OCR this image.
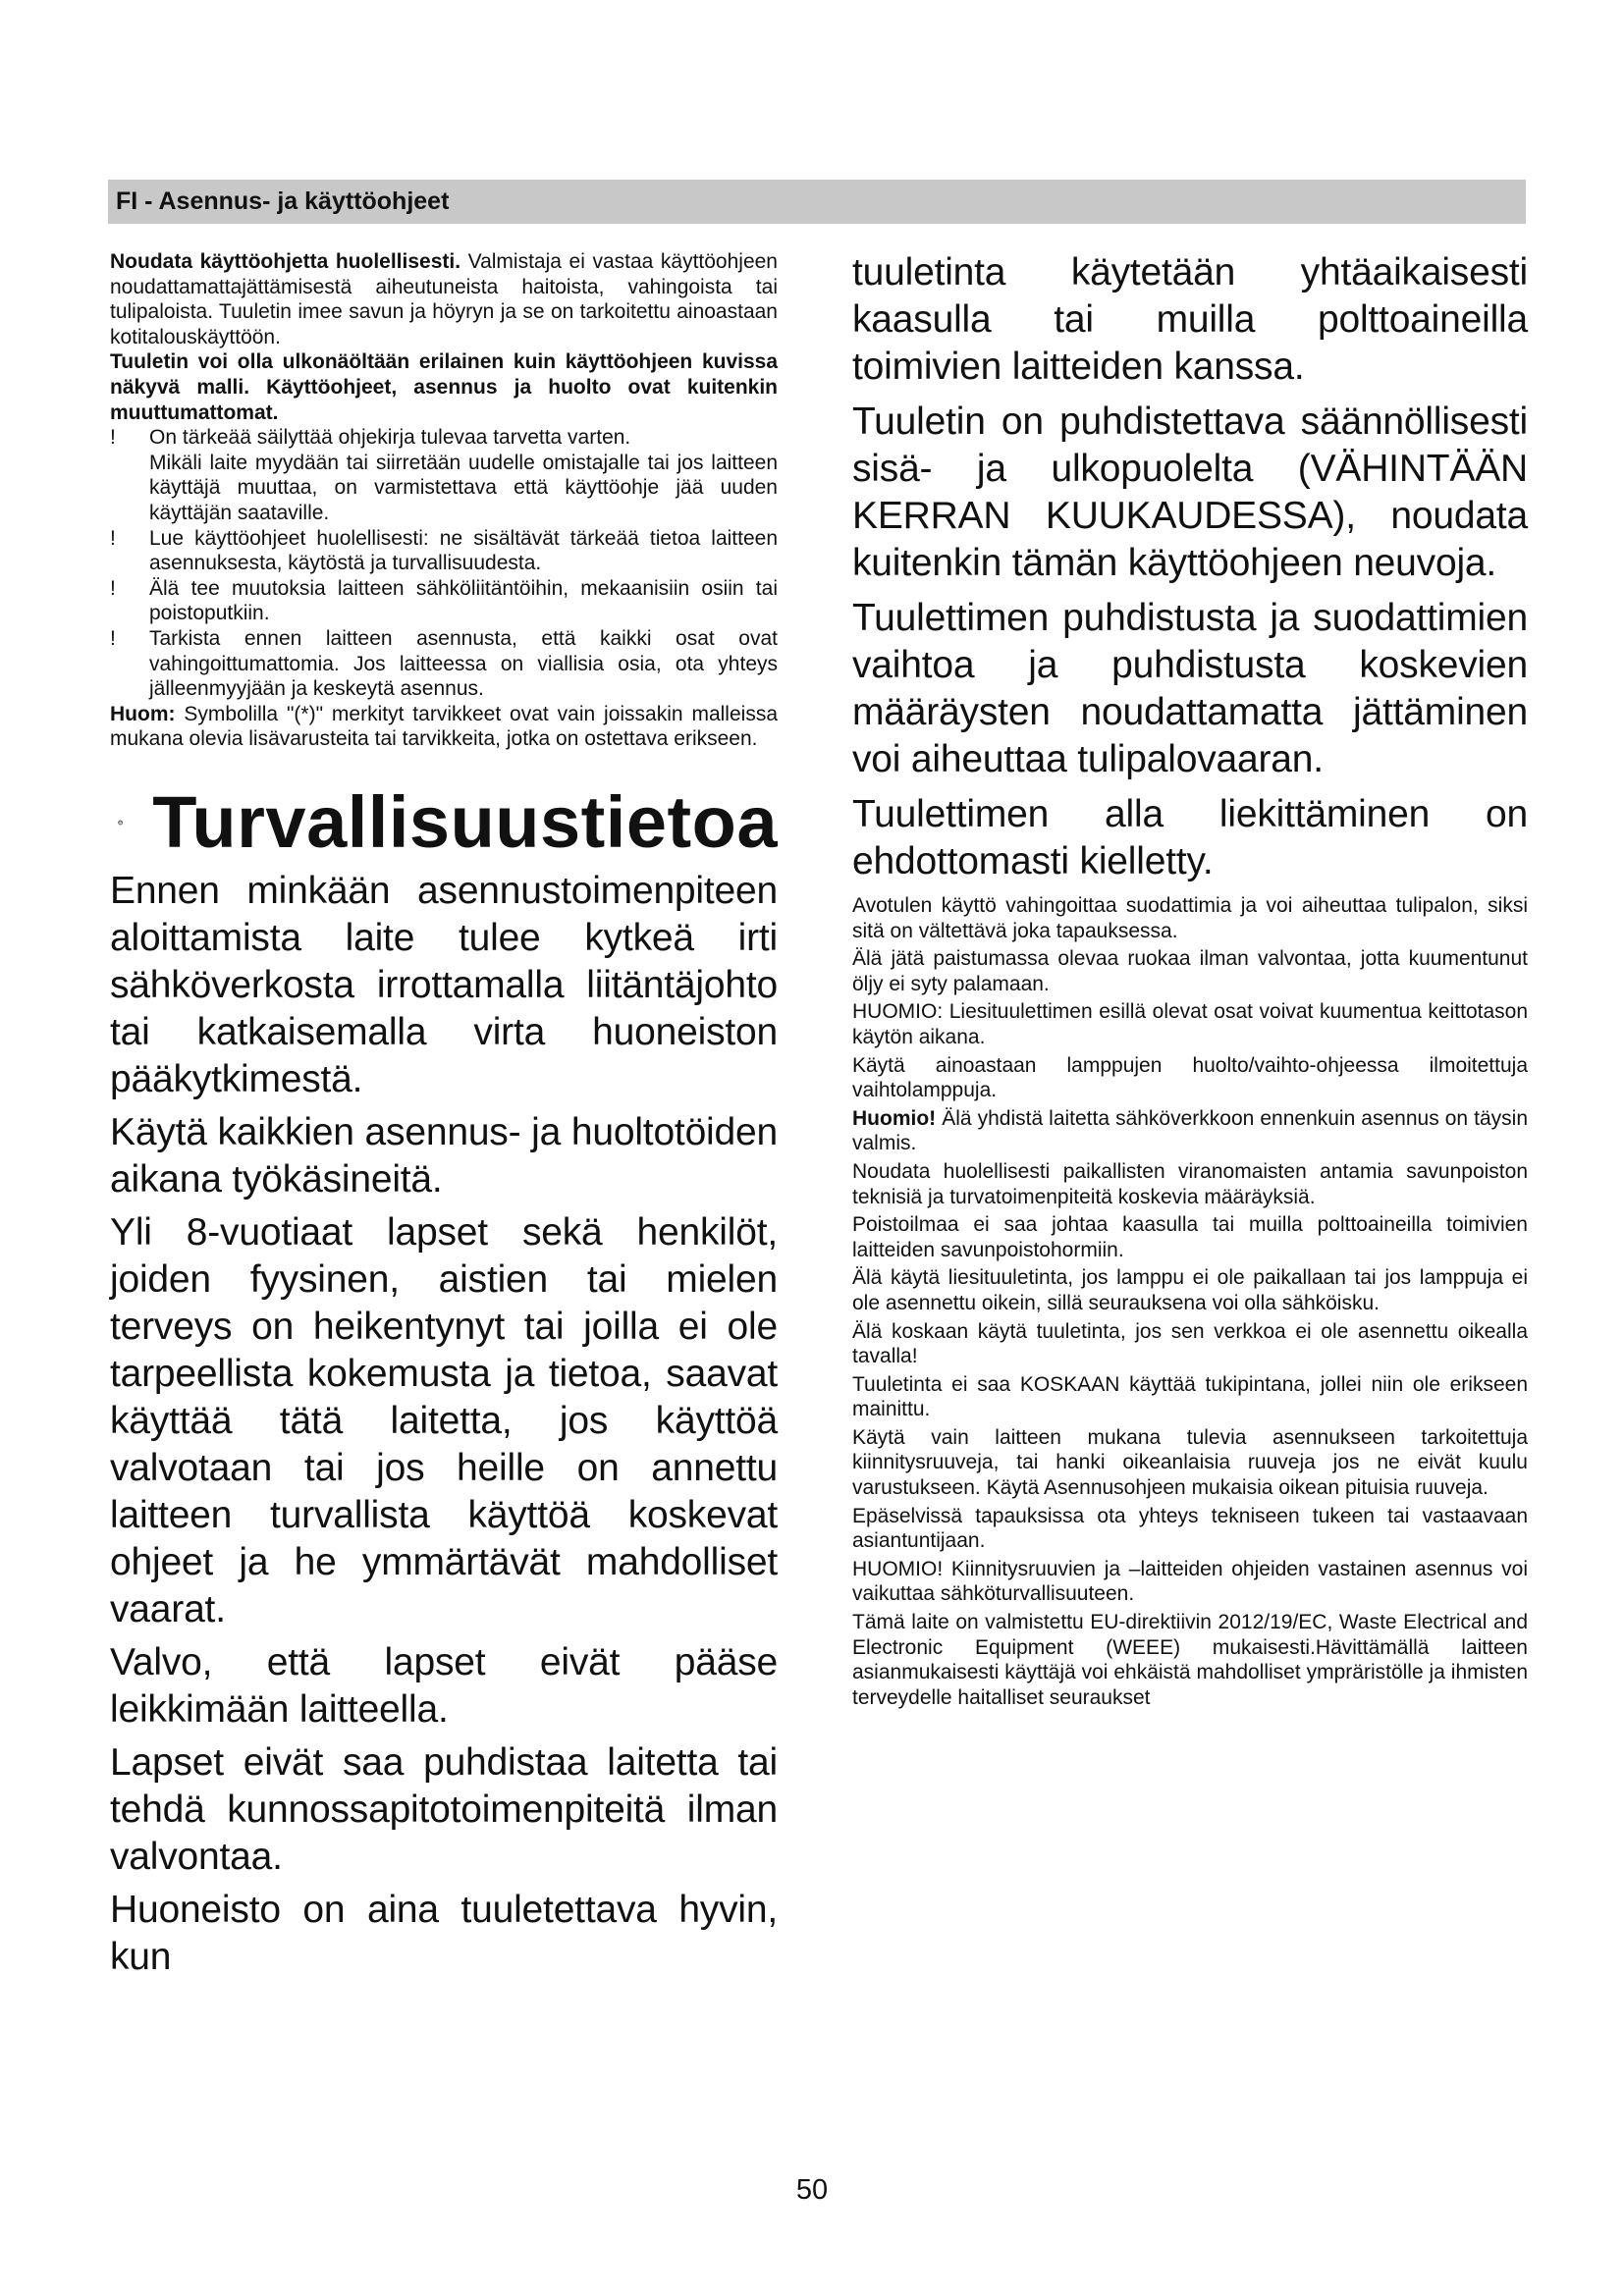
FI - Asennus- ja käyttöohjeet

Noudata käyttöohjetta huolellisesti. Valmistaja ei vastaa käyttöohjeen noudattamattajättämisestä aiheutuneista haitoista, vahingoista tai tulipaloista. Tuuletin imee savun ja höyryn ja se on tarkoitettu ainoastaan kotitalouskäyttöön.

Tuuletin voi olla ulkonäöltään erilainen kuin käyttöohjeen kuvissa näkyvä malli. Käyttöohjeet, asennus ja huolto ovat kuitenkin muuttumattomat.

!	On tärkeää säilyttää ohjekirja tulevaa tarvetta varten.
Mikäli laite myydään tai siirretään uudelle omistajalle tai jos laitteen käyttäjä muuttaa, on varmistettava että käyttöohje jää uuden käyttäjän saataville.
!	Lue käyttöohjeet huolellisesti: ne sisältävät tärkeää tietoa laitteen asennuksesta, käytöstä ja turvallisuudesta.
!	Älä tee muutoksia laitteen sähköliitäntöihin, mekaanisiin osiin tai poistoputkiin.
!	Tarkista ennen laitteen asennusta, että kaikki osat ovat vahingoittumattomia. Jos laitteessa on viallisia osia, ota yhteys jälleenmyyjään ja keskeytä asennus.

Huom: Symbolilla "(*)" merkityt tarvikkeet ovat vain joissakin malleissa mukana olevia lisävarusteita tai tarvikkeita, jotka on ostettava erikseen.

Turvallisuustietoa

Ennen minkään asennustoimenpiteen aloittamista laite tulee kytkeä irti sähköverkosta irrottamalla liitäntäjohto tai katkaisemalla virta huoneiston pääkytkimestä.

Käytä kaikkien asennus- ja huoltotöiden aikana työkäsineitä.

Yli 8-vuotiaat lapset sekä henkilöt, joiden fyysinen, aistien tai mielen terveys on heikentynyt tai joilla ei ole tarpeellista kokemusta ja tietoa, saavat käyttää tätä laitetta, jos käyttöä valvotaan tai jos heille on annettu laitteen turvallista käyttöä koskevat ohjeet ja he ymmärtävät mahdolliset vaarat.

Valvo, että lapset eivät pääse leikkimään laitteella.

Lapset eivät saa puhdistaa laitetta tai tehdä kunnossapitotoimenpiteitä ilman valvontaa.

Huoneisto on aina tuuletettava hyvin, kun

tuuletinta käytetään yhtäaikaisesti kaasulla tai muilla polttoaineilla toimivien laitteiden kanssa.

Tuuletin on puhdistettava säännöllisesti sisä- ja ulkopuolelta (VÄHINTÄÄN KERRAN KUUKAUDESSA), noudata kuitenkin tämän käyttöohjeen neuvoja.

Tuulettimen puhdistusta ja suodattimien vaihtoa ja puhdistusta koskevien määräysten noudattamatta jättäminen voi aiheuttaa tulipalovaaran.

Tuulettimen alla liekittäminen on ehdottomasti kielletty.

Avotulen käyttö vahingoittaa suodattimia ja voi aiheuttaa tulipalon, siksi sitä on vältettävä joka tapauksessa.

Älä jätä paistumassa olevaa ruokaa ilman valvontaa, jotta kuumentunut öljy ei syty palamaan.

HUOMIO: Liesituulettimen esillä olevat osat voivat kuumentua keittotason käytön aikana.

Käytä ainoastaan lamppujen huolto/vaihto-ohjeessa ilmoitettuja vaihtolamppuja.

Huomio! Älä yhdistä laitetta sähköverkkoon ennenkuin asennus on täysin valmis.

Noudata huolellisesti paikallisten viranomaisten antamia savunpoiston teknisiä ja turvatoimenpiteitä koskevia määräyksiä.

Poistoilmaa ei saa johtaa kaasulla tai muilla polttoaineilla toimivien laitteiden savunpoistohormiin.

Älä käytä liesituuletinta, jos lamppu ei ole paikallaan tai jos lamppuja ei ole asennettu oikein, sillä seurauksena voi olla sähköisku.

Älä koskaan käytä tuuletinta, jos sen verkkoa ei ole asennettu oikealla tavalla!

Tuuletinta ei saa KOSKAAN käyttää tukipintana, jollei niin ole erikseen mainittu.

Käytä vain laitteen mukana tulevia asennukseen tarkoitettuja kiinnitysruuveja, tai hanki oikeanlaisia ruuveja jos ne eivät kuulu varustukseen. Käytä Asennusohjeen mukaisia oikean pituisia ruuveja.

Epäselvissä tapauksissa ota yhteys tekniseen tukeen tai vastaavaan asiantuntijaan.

HUOMIO! Kiinnitysruuvien ja –laitteiden ohjeiden vastainen asennus voi vaikuttaa sähköturvallisuuteen.

Tämä laite on valmistettu EU-direktiivin 2012/19/EC, Waste Electrical and Electronic Equipment (WEEE) mukaisesti.Hävittämällä laitteen asianmukaisesti käyttäjä voi ehkäistä mahdolliset ympräristölle ja ihmisten terveydelle haitalliset seuraukset

50
